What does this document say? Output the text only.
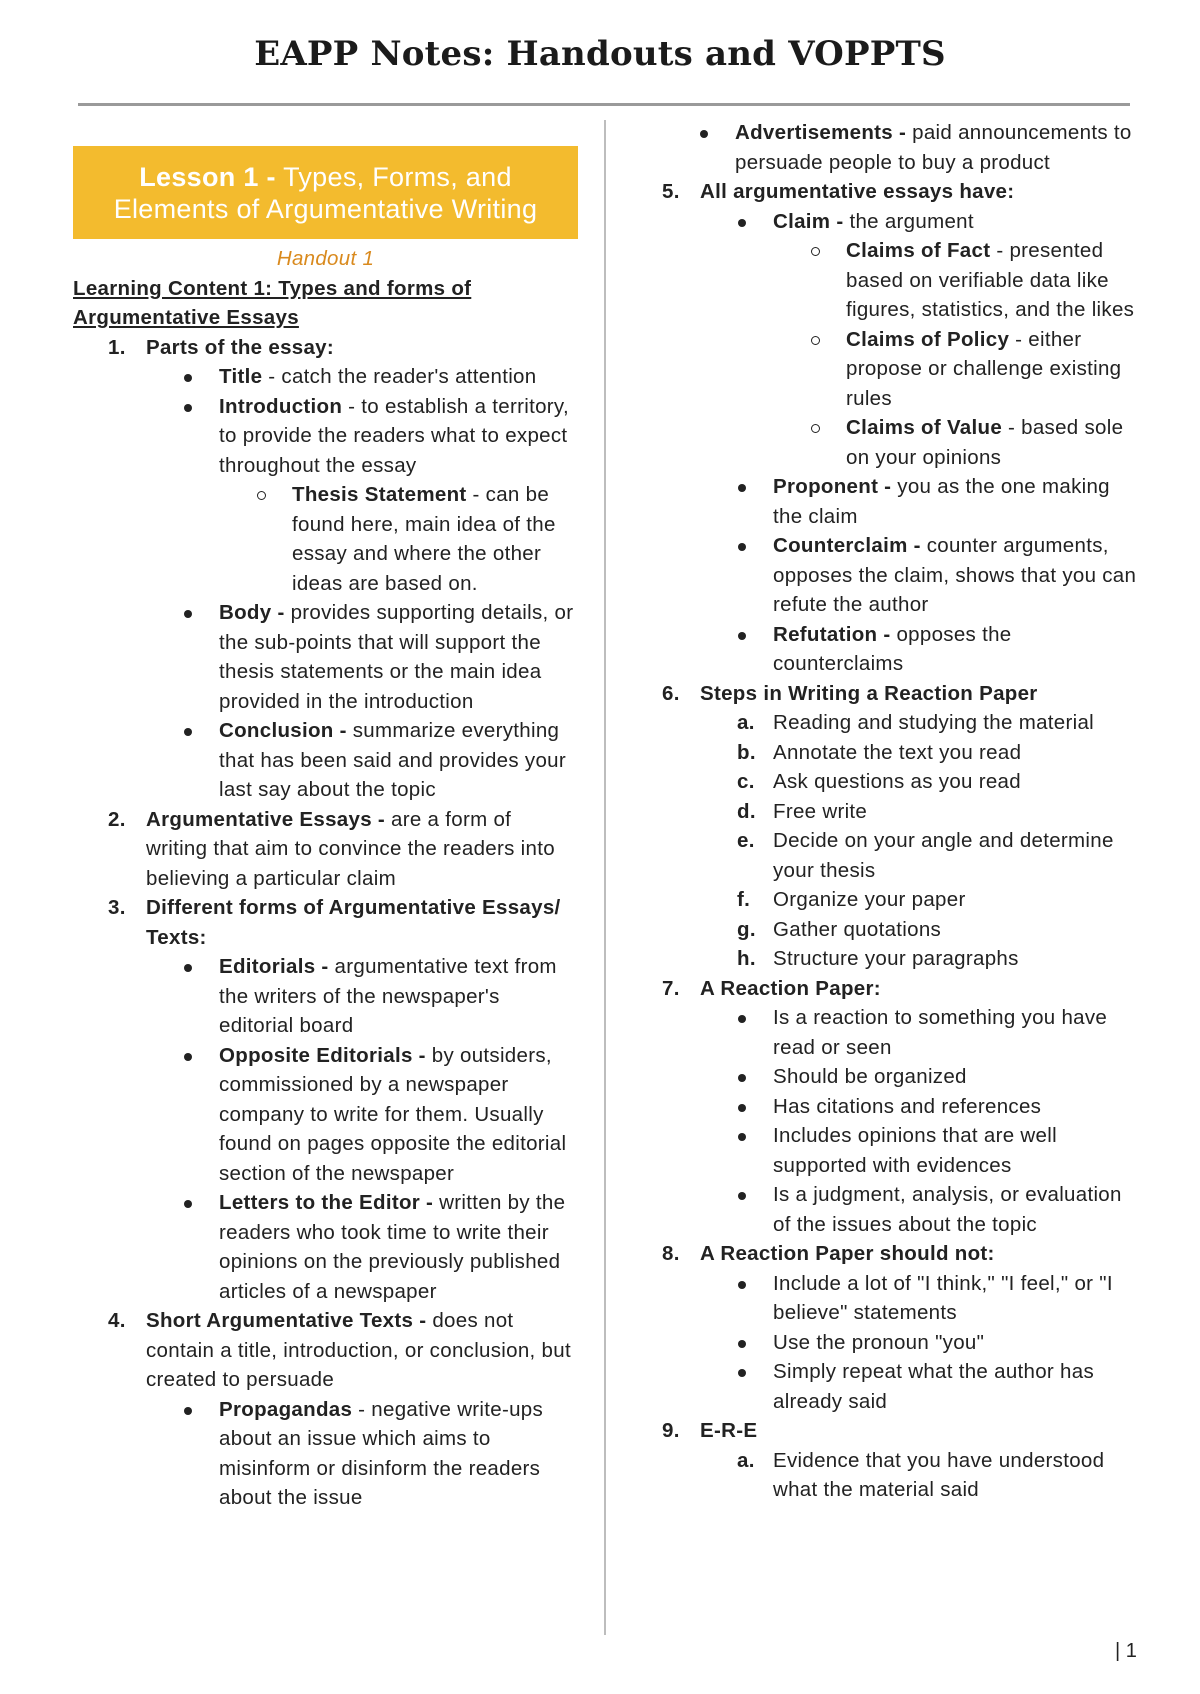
EAPP Notes: Handouts and VOPPTS
Lesson 1 - Types, Forms, and Elements of Argumentative Writing
Handout 1
Learning Content 1: Types and forms of Argumentative Essays
1. Parts of the essay:
Title - catch the reader's attention
Introduction - to establish a territory, to provide the readers what to expect throughout the essay
Thesis Statement - can be found here, main idea of the essay and where the other ideas are based on.
Body - provides supporting details, or the sub-points that will support the thesis statements or the main idea provided in the introduction
Conclusion - summarize everything that has been said and provides your last say about the topic
2. Argumentative Essays - are a form of writing that aim to convince the readers into believing a particular claim
3. Different forms of Argumentative Essays/ Texts:
Editorials - argumentative text from the writers of the newspaper's editorial board
Opposite Editorials - by outsiders, commissioned by a newspaper company to write for them. Usually found on pages opposite the editorial section of the newspaper
Letters to the Editor - written by the readers who took time to write their opinions on the previously published articles of a newspaper
4. Short Argumentative Texts - does not contain a title, introduction, or conclusion, but created to persuade
Propagandas - negative write-ups about an issue which aims to misinform or disinform the readers about the issue
Advertisements - paid announcements to persuade people to buy a product
5. All argumentative essays have:
Claim - the argument
Claims of Fact - presented based on verifiable data like figures, statistics, and the likes
Claims of Policy - either propose or challenge existing rules
Claims of Value - based sole on your opinions
Proponent - you as the one making the claim
Counterclaim - counter arguments, opposes the claim, shows that you can refute the author
Refutation - opposes the counterclaims
6. Steps in Writing a Reaction Paper
a. Reading and studying the material
b. Annotate the text you read
c. Ask questions as you read
d. Free write
e. Decide on your angle and determine your thesis
f. Organize your paper
g. Gather quotations
h. Structure your paragraphs
7. A Reaction Paper:
Is a reaction to something you have read or seen
Should be organized
Has citations and references
Includes opinions that are well supported with evidences
Is a judgment, analysis, or evaluation of the issues about the topic
8. A Reaction Paper should not:
Include a lot of "I think," "I feel," or "I believe" statements
Use the pronoun "you"
Simply repeat what the author has already said
9. E-R-E
a. Evidence that you have understood what the material said
| 1
